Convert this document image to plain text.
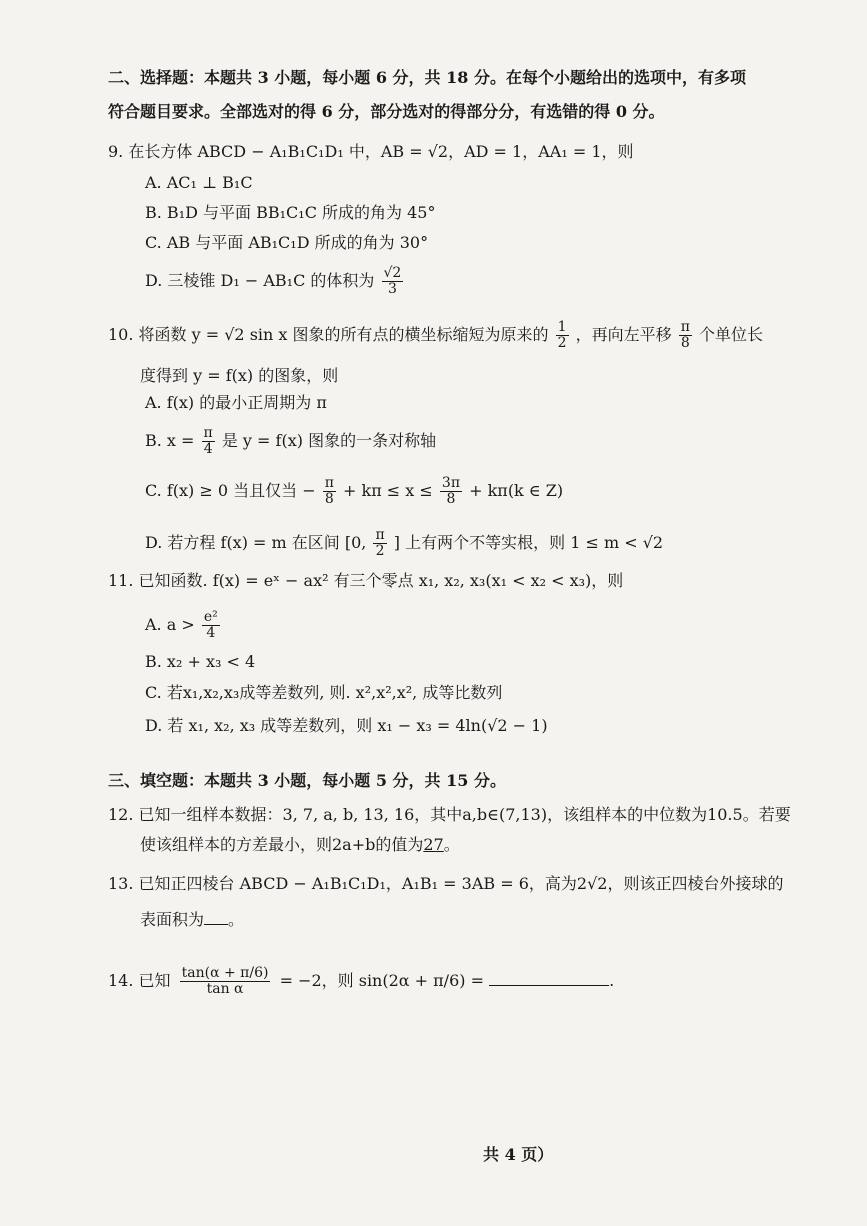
二、选择题：本题共 3 小题，每小题 6 分，共 18 分。在每个小题给出的选项中，有多项
符合题目要求。全部选对的得 6 分，部分选对的得部分分，有选错的得 0 分。
9. 在长方体 ABCD − A₁B₁C₁D₁ 中，AB = √2，AD = 1，AA₁ = 1，则
A. AC₁ ⊥ B₁C
B. B₁D 与平面 BB₁C₁C 所成的角为 45°
C. AB 与平面 AB₁C₁D 所成的角为 30°
D. 三棱锥 D₁ − AB₁C 的体积为 $\frac{√2}{3}$
10. 将函数 y = √2 sin x 图象的所有点的横坐标缩短为原来的 $\frac{1}{2}$ ，再向左平移 $\frac{\pi}{8}$ 个单位长
度得到 y = f(x) 的图象，则
A. f(x) 的最小正周期为 π
B. $x = \frac{\pi}{4}$ 是 y = f(x) 图象的一条对称轴
C. f(x) ≥ 0 当且仅当 − $\frac{\pi}{8} + k\pi \le x \le \frac{3\pi}{8} + k\pi(k$ ∈ Z)
D. 若方程 f(x) = m 在区间 [0, $\frac{\pi}{2}$ ] 上有两个不等实根，则 1 ≤ m < √2
11. 已知函数. f(x) = eˣ − ax² 有三个零点 x₁, x₂, x₃(x₁ < x₂ < x₃)，则
A. $a > \frac{\text{e²}}{4}$
B. x₂ + x₃ < 4
C. 若x₁,x₂,x₃成等差数列, 则. x²,x²,x², 成等比数列
D. 若 x₁, x₂, x₃ 成等差数列，则 x₁ − x₃ = 4ln(√2 − 1)
三、填空题：本题共 3 小题，每小题 5 分，共 15 分。
12. 已知一组样本数据：3, 7, a, b, 13, 16，其中a,b∈(7,13)，该组样本的中位数为10.5。若要
使该组样本的方差最小，则2a+b的值为27。
13. 已知正四棱台 ABCD − A₁B₁C₁D₁，A₁B₁ = 3AB = 6，高为2√2，则该正四棱台外接球的
表面积为 。
14. 已知 $\frac{\tan(\alpha + \pi/6)}{\text{tan α}} = -2$，则 sin(2α + π/6) =	.
共 4 页）
